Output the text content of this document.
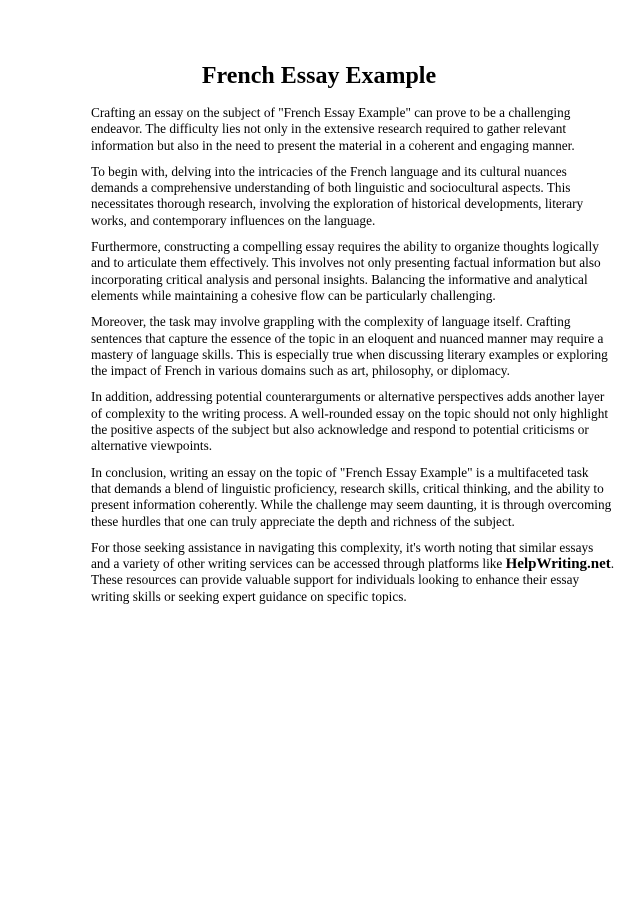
French Essay Example

Crafting an essay on the subject of "French Essay Example" can prove to be a challenging
endeavor. The difficulty lies not only in the extensive research required to gather relevant
information but also in the need to present the material in a coherent and engaging manner.

To begin with, delving into the intricacies of the French language and its cultural nuances
demands a comprehensive understanding of both linguistic and sociocultural aspects. This
necessitates thorough research, involving the exploration of historical developments, literary
works, and contemporary influences on the language.

Furthermore, constructing a compelling essay requires the ability to organize thoughts logically
and to articulate them effectively. This involves not only presenting factual information but also
incorporating critical analysis and personal insights. Balancing the informative and analytical
elements while maintaining a cohesive flow can be particularly challenging.

Moreover, the task may involve grappling with the complexity of language itself. Crafting
sentences that capture the essence of the topic in an eloquent and nuanced manner may require a
mastery of language skills. This is especially true when discussing literary examples or exploring
the impact of French in various domains such as art, philosophy, or diplomacy.

In addition, addressing potential counterarguments or alternative perspectives adds another layer
of complexity to the writing process. A well-rounded essay on the topic should not only highlight
the positive aspects of the subject but also acknowledge and respond to potential criticisms or
alternative viewpoints.

In conclusion, writing an essay on the topic of "French Essay Example" is a multifaceted task
that demands a blend of linguistic proficiency, research skills, critical thinking, and the ability to
present information coherently. While the challenge may seem daunting, it is through overcoming
these hurdles that one can truly appreciate the depth and richness of the subject.

For those seeking assistance in navigating this complexity, it's worth noting that similar essays
and a variety of other writing services can be accessed through platforms like HelpWriting.net.
These resources can provide valuable support for individuals looking to enhance their essay
writing skills or seeking expert guidance on specific topics.
